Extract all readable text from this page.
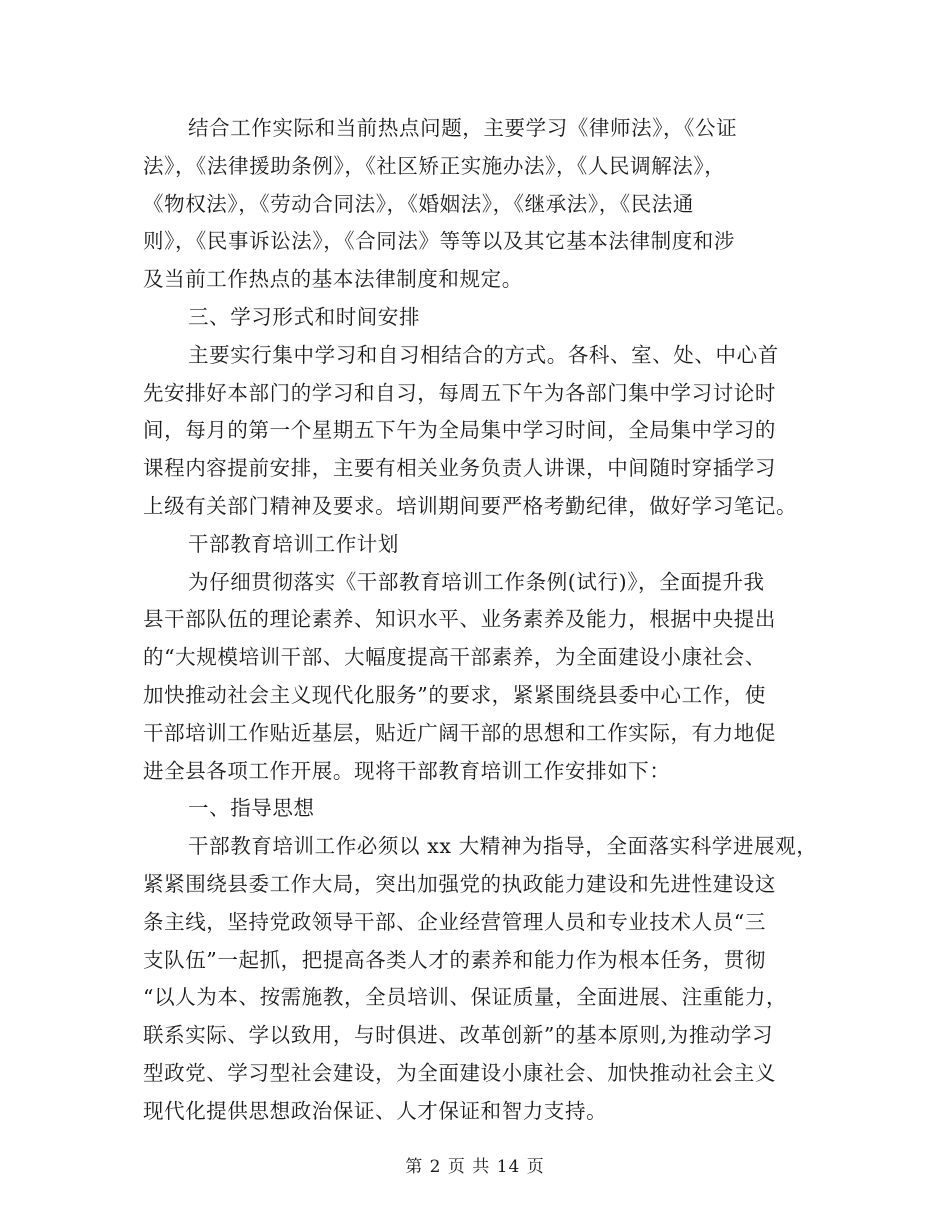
结合工作实际和当前热点问题，主要学习《律师法》，《公证
法》，《法律援助条例》，《社区矫正实施办法》，《人民调解法》，
《物权法》，《劳动合同法》，《婚姻法》，《继承法》，《民法通
则》，《民事诉讼法》，《合同法》等等以及其它基本法律制度和涉
及当前工作热点的基本法律制度和规定。
三、学习形式和时间安排
主要实行集中学习和自习相结合的方式。各科、室、处、中心首
先安排好本部门的学习和自习，每周五下午为各部门集中学习讨论时
间，每月的第一个星期五下午为全局集中学习时间，全局集中学习的
课程内容提前安排，主要有相关业务负责人讲课，中间随时穿插学习
上级有关部门精神及要求。培训期间要严格考勤纪律，做好学习笔记。
干部教育培训工作计划
为仔细贯彻落实《干部教育培训工作条例(试行)》，全面提升我
县干部队伍的理论素养、知识水平、业务素养及能力，根据中央提出
的“大规模培训干部、大幅度提高干部素养，为全面建设小康社会、
加快推动社会主义现代化服务”的要求，紧紧围绕县委中心工作，使
干部培训工作贴近基层，贴近广阔干部的思想和工作实际，有力地促
进全县各项工作开展。现将干部教育培训工作安排如下：
一、指导思想
干部教育培训工作必须以 xx 大精神为指导，全面落实科学进展观，
紧紧围绕县委工作大局，突出加强党的执政能力建设和先进性建设这
条主线，坚持党政领导干部、企业经营管理人员和专业技术人员“三
支队伍”一起抓，把提高各类人才的素养和能力作为根本任务，贯彻
“以人为本、按需施教，全员培训、保证质量，全面进展、注重能力，
联系实际、学以致用，与时俱进、改革创新”的基本原则,为推动学习
型政党、学习型社会建设，为全面建设小康社会、加快推动社会主义
现代化提供思想政治保证、人才保证和智力支持。
第 2 页 共 14 页
